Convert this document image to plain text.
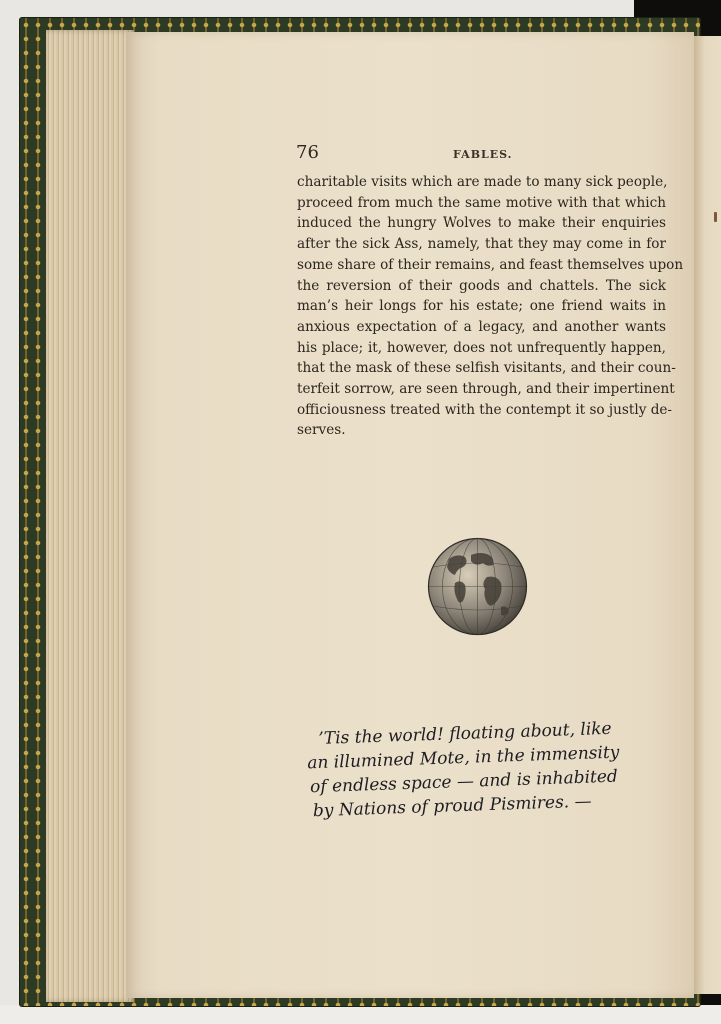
76	FABLES.
charitable visits which are made to many sick people,
proceed from much the same motive with that which
induced the hungry Wolves to make their enquiries
after the sick Ass, namely, that they may come in for
some share of their remains, and feast themselves upon
the reversion of their goods and chattels. The sick
man’s heir longs for his estate; one friend waits in
anxious expectation of a legacy, and another wants
his place; it, however, does not unfrequently happen,
that the mask of these selfish visitants, and their coun-
terfeit sorrow, are seen through, and their impertinent
officiousness treated with the contempt it so justly de-
serves.
’Tis the world! floating about, like
an illumined Mote, in the immensity
of endless space — and is inhabited
by Nations of proud Pismires. —
